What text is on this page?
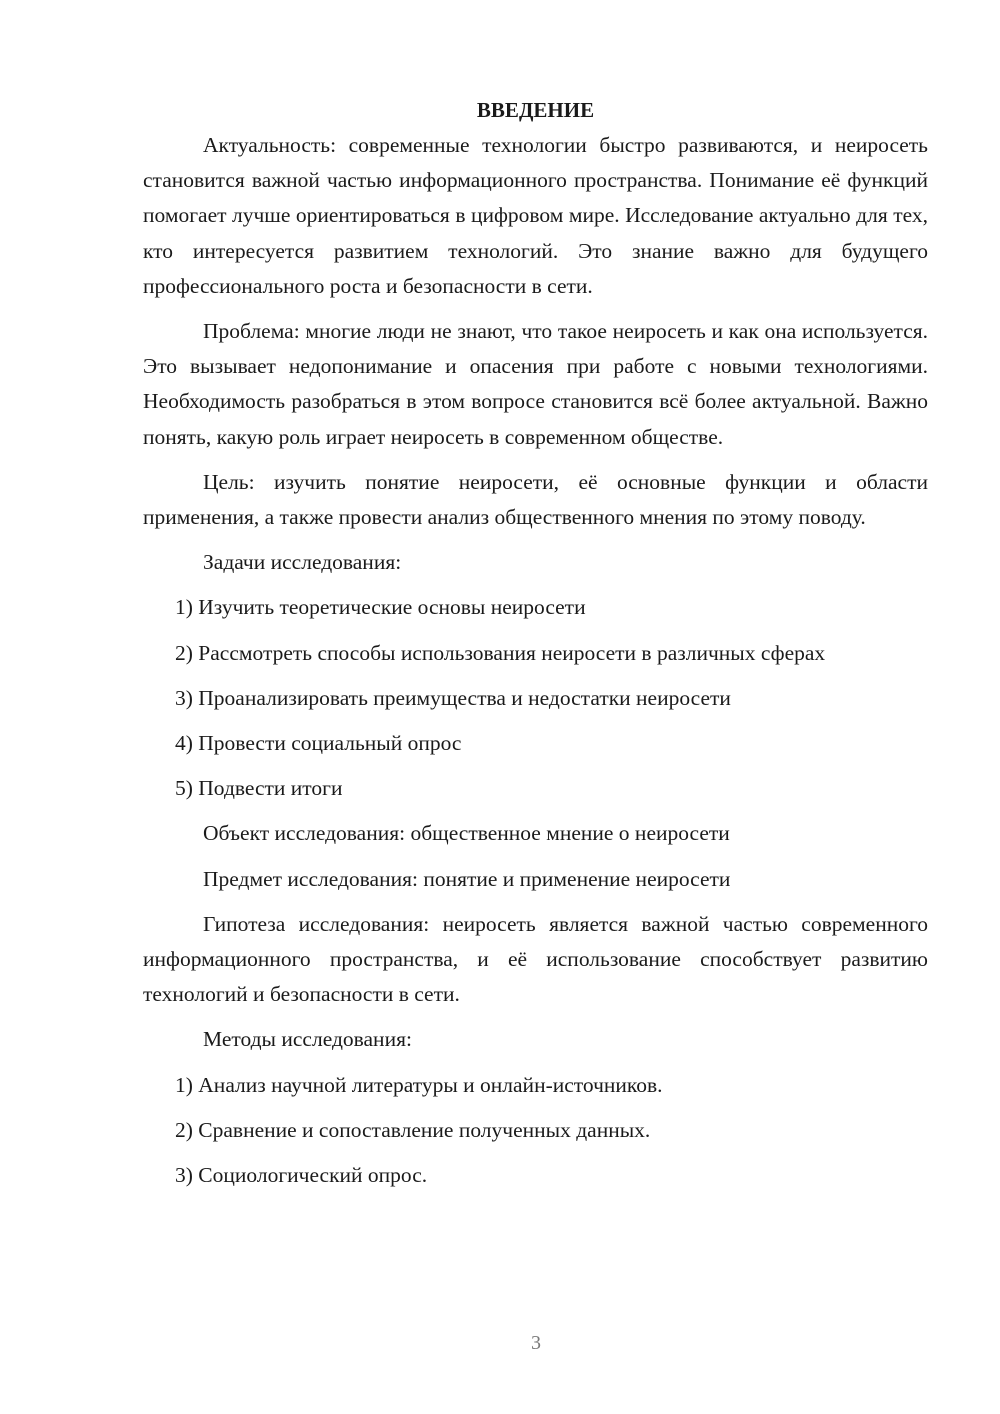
ВВЕДЕНИЕ

Актуальность: современные технологии быстро развиваются, и неиросеть становится важной частью информационного пространства. Понимание её функций помогает лучше ориентироваться в цифровом мире. Исследование актуально для тех, кто интересуется развитием технологий. Это знание важно для будущего профессионального роста и безопасности в сети.

Проблема: многие люди не знают, что такое неиросеть и как она используется. Это вызывает недопонимание и опасения при работе с новыми технологиями. Необходимость разобраться в этом вопросе становится всё более актуальной. Важно понять, какую роль играет неиросеть в современном обществе.

Цель: изучить понятие неиросети, её основные функции и области применения, а также провести анализ общественного мнения по этому поводу.

Задачи исследования:

1) Изучить теоретические основы неиросети

2) Рассмотреть способы использования неиросети в различных сферах

3) Проанализировать преимущества и недостатки неиросети

4) Провести социальный опрос

5) Подвести итоги

Объект исследования: общественное мнение о неиросети

Предмет исследования: понятие и применение неиросети

Гипотеза исследования: неиросеть является важной частью современного информационного пространства, и её использование способствует развитию технологий и безопасности в сети.

Методы исследования:

1) Анализ научной литературы и онлайн-источников.

2) Сравнение и сопоставление полученных данных.

3) Социологический опрос.

3
